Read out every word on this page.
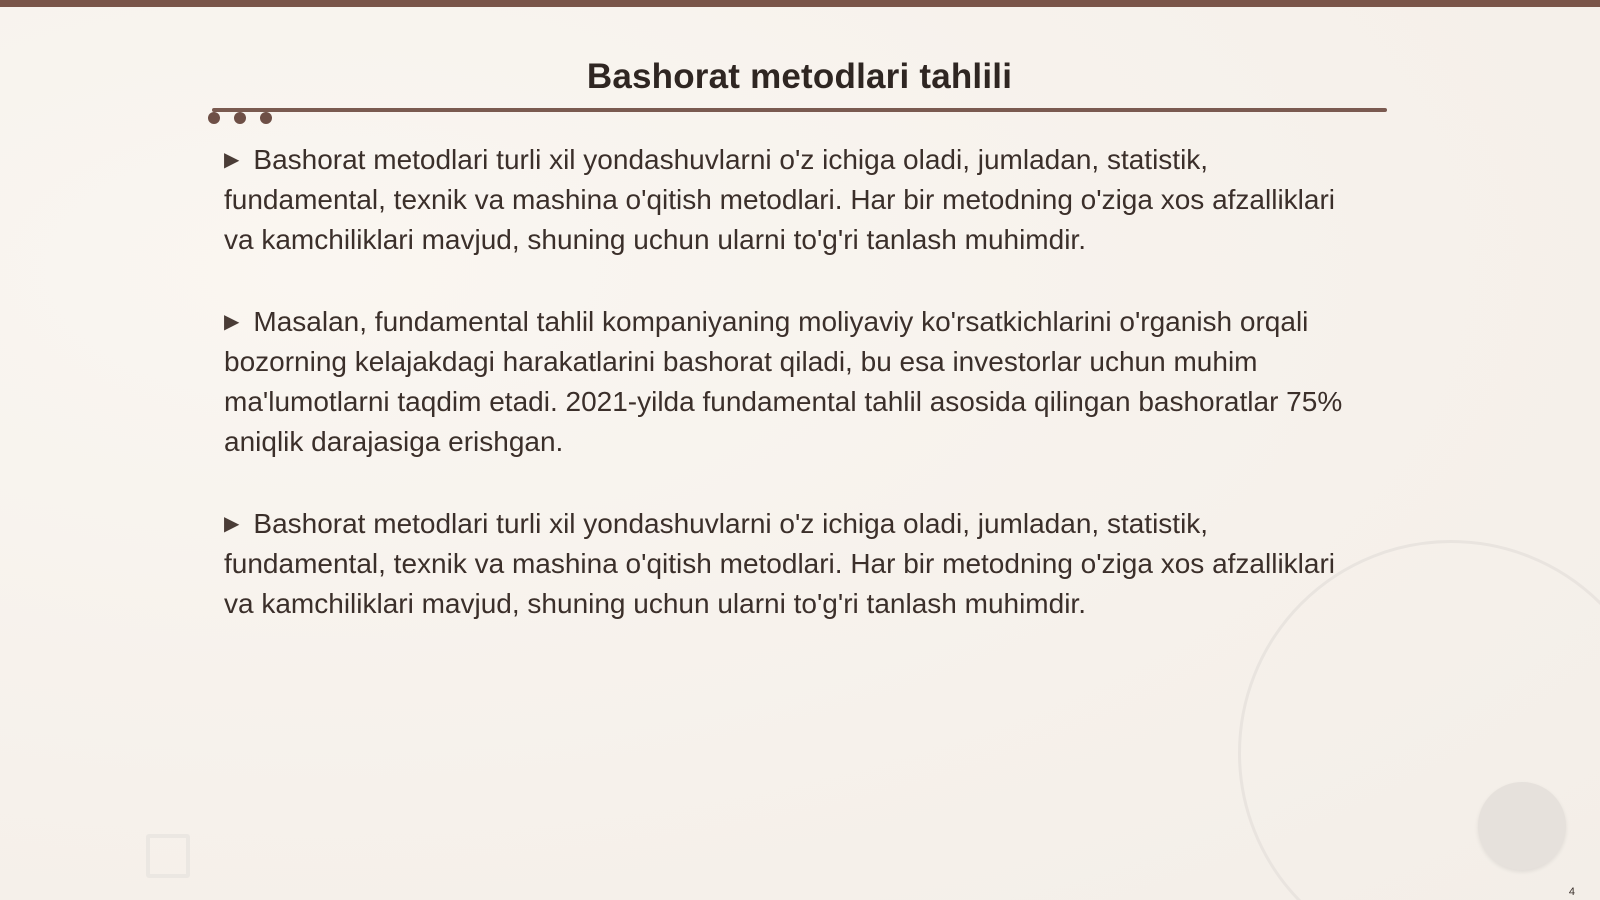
Bashorat metodlari tahlili

▶ Bashorat metodlari turli xil yondashuvlarni o'z ichiga oladi, jumladan, statistik, fundamental, texnik va mashina o'qitish metodlari. Har bir metodning o'ziga xos afzalliklari va kamchiliklari mavjud, shuning uchun ularni to'g'ri tanlash muhimdir.

▶ Masalan, fundamental tahlil kompaniyaning moliyaviy ko'rsatkichlarini o'rganish orqali bozorning kelajakdagi harakatlarini bashorat qiladi, bu esa investorlar uchun muhim ma'lumotlarni taqdim etadi. 2021-yilda fundamental tahlil asosida qilingan bashoratlar 75% aniqlik darajasiga erishgan.

▶ Bashorat metodlari turli xil yondashuvlarni o'z ichiga oladi, jumladan, statistik, fundamental, texnik va mashina o'qitish metodlari. Har bir metodning o'ziga xos afzalliklari va kamchiliklari mavjud, shuning uchun ularni to'g'ri tanlash muhimdir.

4
